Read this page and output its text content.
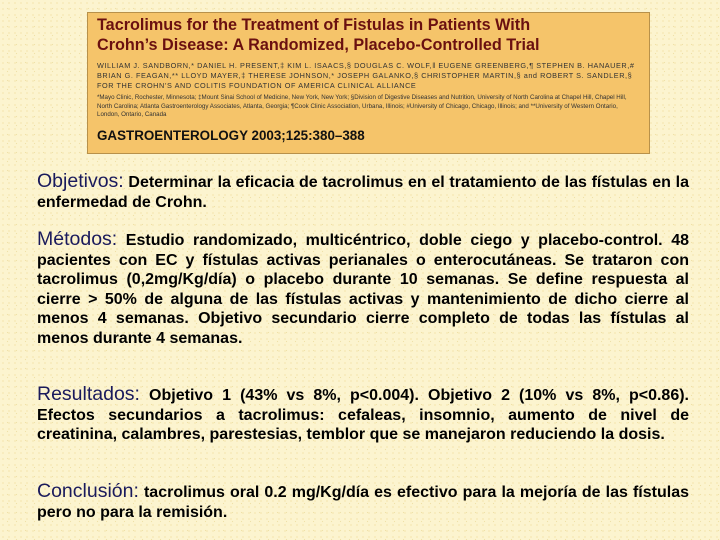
Tacrolimus for the Treatment of Fistulas in Patients With

Crohn’s Disease: A Randomized, Placebo-Controlled Trial

WILLIAM J. SANDBORN,* DANIEL H. PRESENT,‡ KIM L. ISAACS,§ DOUGLAS C. WOLF,‖ EUGENE GREENBERG,¶ STEPHEN B. HANAUER,# BRIAN G. FEAGAN,** LLOYD MAYER,‡ THERESE JOHNSON,* JOSEPH GALANKO,§ CHRISTOPHER MARTIN,§ and ROBERT S. SANDLER,§ FOR THE CROHN’S AND COLITIS FOUNDATION OF AMERICA CLINICAL ALLIANCE
*Mayo Clinic, Rochester, Minnesota; ‡Mount Sinai School of Medicine, New York, New York; §Division of Digestive Diseases and Nutrition, University of North Carolina at Chapel Hill, Chapel Hill, North Carolina; Atlanta Gastroenterology Associates, Atlanta, Georgia; ¶Cook Clinic Association, Urbana, Illinois; #University of Chicago, Chicago, Illinois; and **University of Western Ontario, London, Ontario, Canada
GASTROENTEROLOGY 2003;125:380–388

Objetivos: Determinar la eficacia de tacrolimus en el tratamiento de las fístulas en la enfermedad de Crohn.

Métodos: Estudio randomizado, multicéntrico, doble ciego y placebo-control. 48 pacientes con EC y fístulas activas perianales o enterocutáneas. Se trataron con tacrolimus (0,2mg/Kg/día) o placebo durante 10 semanas. Se define respuesta al cierre > 50% de alguna de las fístulas activas y mantenimiento de dicho cierre al menos 4 semanas. Objetivo secundario cierre completo de todas las fístulas al menos durante 4 semanas.

Resultados: Objetivo 1 (43% vs 8%, p<0.004). Objetivo 2 (10% vs 8%, p<0.86). Efectos secundarios a tacrolimus: cefaleas, insomnio, aumento de nivel de creatinina, calambres, parestesias, temblor que se manejaron reduciendo la dosis.

Conclusión: tacrolimus oral 0.2 mg/Kg/día es efectivo para la mejoría de las fístulas pero no para la remisión.
